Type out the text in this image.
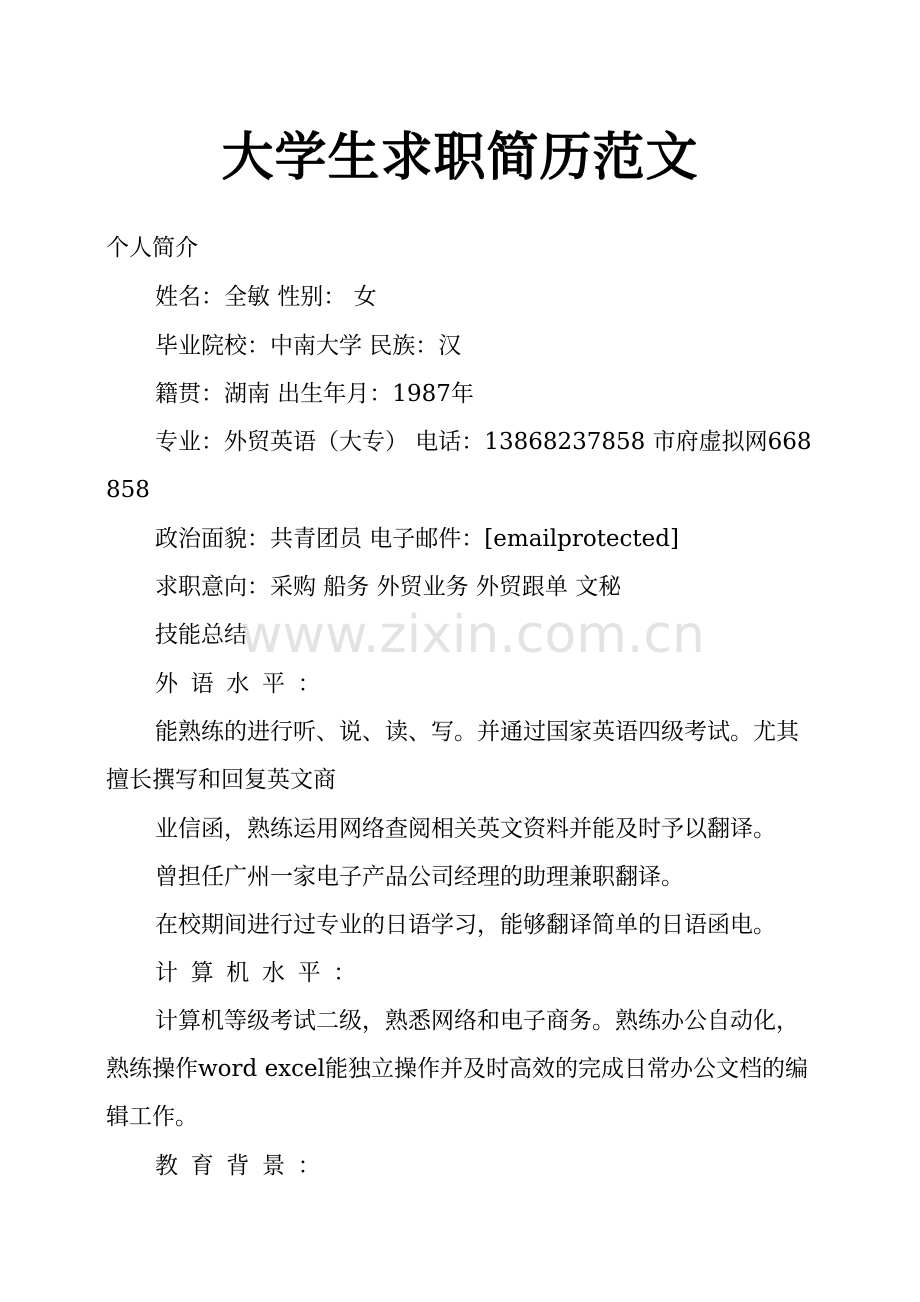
大学生求职简历范文

个人简介

姓名：全敏 性别： 女

毕业院校：中南大学 民族：汉

籍贯：湖南 出生年月：1987年

专业：外贸英语（大专） 电话：13868237858 市府虚拟网668858

政治面貌：共青团员 电子邮件：[emailprotected]

求职意向：采购 船务 外贸业务 外贸跟单 文秘

技能总结

外语水平：

能熟练的进行听、说、读、写。并通过国家英语四级考试。尤其擅长撰写和回复英文商

业信函，熟练运用网络查阅相关英文资料并能及时予以翻译。

曾担任广州一家电子产品公司经理的助理兼职翻译。

在校期间进行过专业的日语学习，能够翻译简单的日语函电。

计算机水平：

计算机等级考试二级，熟悉网络和电子商务。熟练办公自动化，熟练操作word excel能独立操作并及时高效的完成日常办公文档的编辑工作。

教育背景：

www.zixin.com.cn
